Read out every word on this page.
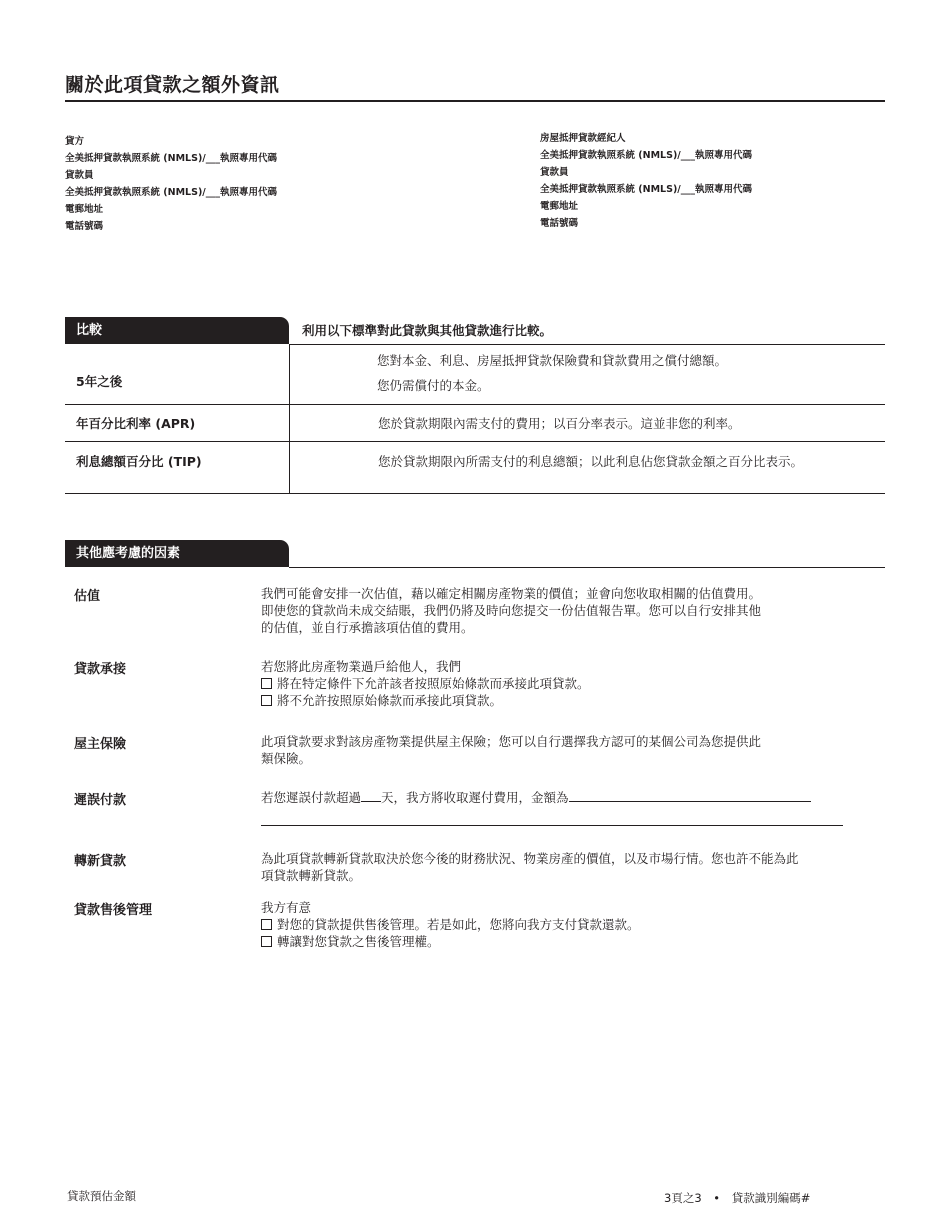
關於此項貸款之額外資訊
貸方
全美抵押貸款執照系統 (NMLS)/___執照專用代碼
貸款員
全美抵押貸款執照系統 (NMLS)/___執照專用代碼
電郵地址
電話號碼
房屋抵押貸款經紀人
全美抵押貸款執照系統 (NMLS)/___執照專用代碼
貸款員
全美抵押貸款執照系統 (NMLS)/___執照專用代碼
電郵地址
電話號碼
比較	利用以下標準對此貸款與其他貸款進行比較。
5年之後
您對本金、利息、房屋抵押貸款保險費和貸款費用之償付總額。
您仍需償付的本金。
年百分比利率 (APR)	您於貸款期限內需支付的費用；以百分率表示。這並非您的利率。
利息總額百分比 (TIP)	您於貸款期限內所需支付的利息總額；以此利息佔您貸款金額之百分比表示。
其他應考慮的因素
估值	我們可能會安排一次估值，藉以確定相關房產物業的價值；並會向您收取相關的估值費用。
即使您的貸款尚未成交結賬，我們仍將及時向您提交一份估值報告單。您可以自行安排其他
的估值，並自行承擔該項估值的費用。
貸款承接	若您將此房產物業過戶給他人，我們
將在特定條件下允許該者按照原始條款而承接此項貸款。
將不允許按照原始條款而承接此項貸款。
屋主保險	此項貸款要求對該房產物業提供屋主保險；您可以自行選擇我方認可的某個公司為您提供此
類保險。
遲誤付款	若您遲誤付款超過 天，我方將收取遲付費用，金額為
轉新貸款	為此項貸款轉新貸款取決於您今後的財務狀況、物業房產的價值，以及市場行情。您也許不能為此
項貸款轉新貸款。
貸款售後管理	我方有意
對您的貸款提供售後管理。若是如此，您將向我方支付貸款還款。
轉讓對您貸款之售後管理權。
貸款預估金額	3頁之3 • 貸款識別編碼#
